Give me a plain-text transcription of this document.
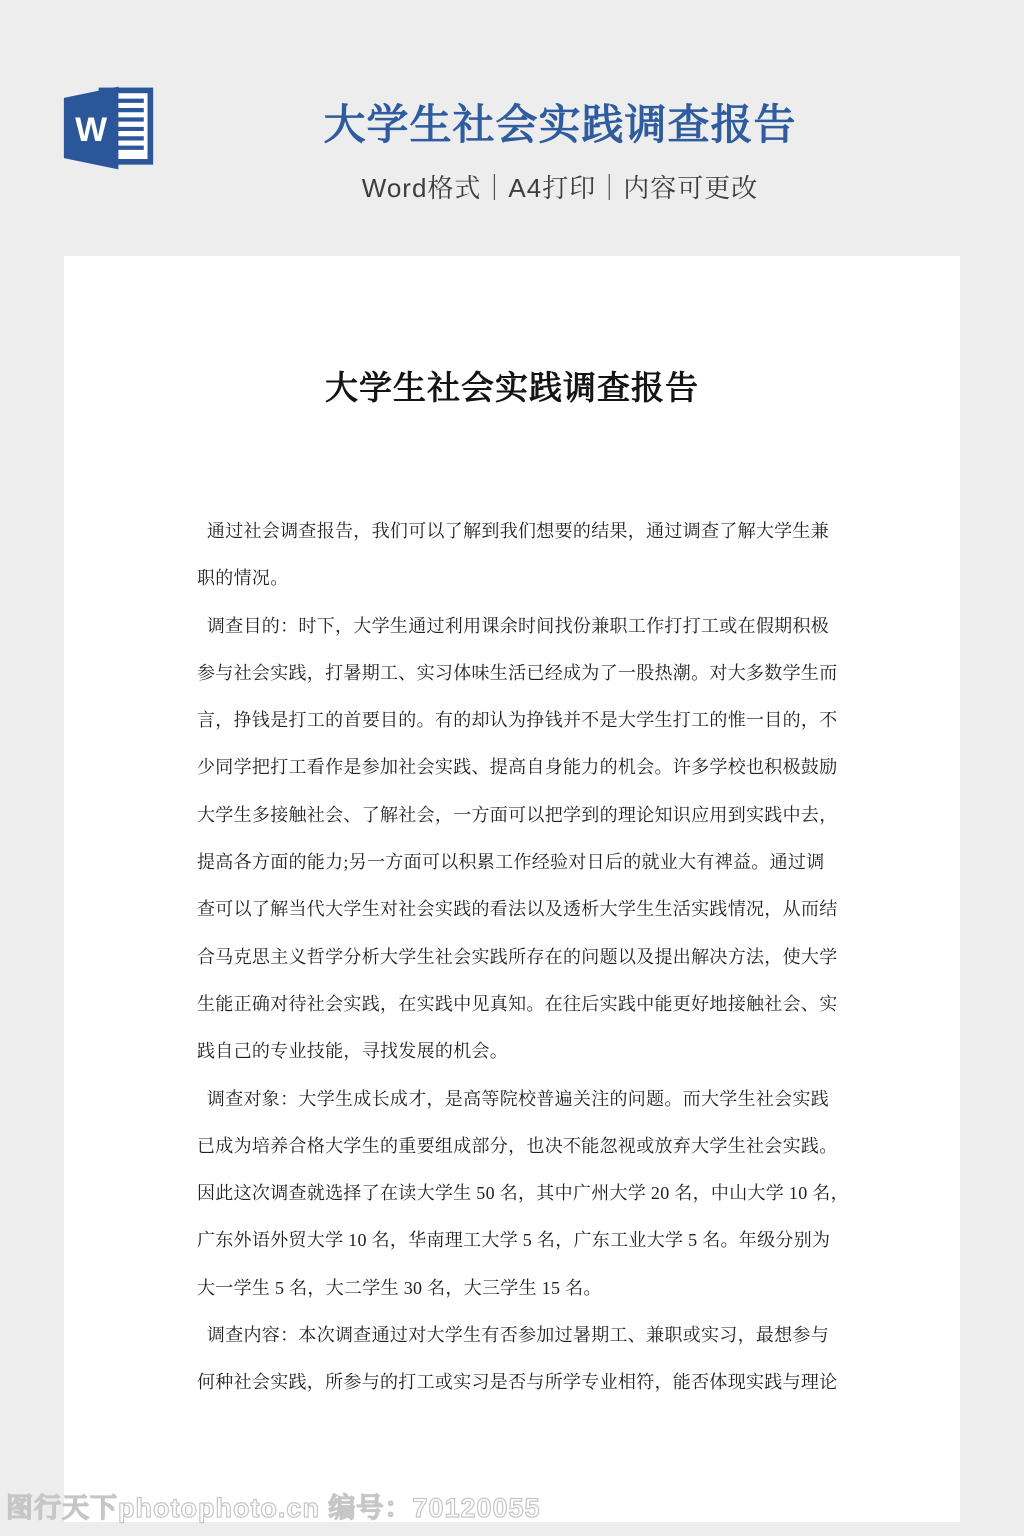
W	大学生社会实践调查报告
Word格式｜A4打印｜内容可更改
大学生社会实践调查报告
通过社会调查报告，我们可以了解到我们想要的结果，通过调查了解大学生兼
职的情况。
调查目的：时下，大学生通过利用课余时间找份兼职工作打打工或在假期积极
参与社会实践，打暑期工、实习体味生活已经成为了一股热潮。对大多数学生而
言，挣钱是打工的首要目的。有的却认为挣钱并不是大学生打工的惟一目的，不
少同学把打工看作是参加社会实践、提高自身能力的机会。许多学校也积极鼓励
大学生多接触社会、了解社会，一方面可以把学到的理论知识应用到实践中去，
提高各方面的能力;另一方面可以积累工作经验对日后的就业大有禆益。通过调
查可以了解当代大学生对社会实践的看法以及透析大学生生活实践情况，从而结
合马克思主义哲学分析大学生社会实践所存在的问题以及提出解决方法，使大学
生能正确对待社会实践，在实践中见真知。在往后实践中能更好地接触社会、实
践自己的专业技能，寻找发展的机会。
调查对象：大学生成长成才，是高等院校普遍关注的问题。而大学生社会实践
已成为培养合格大学生的重要组成部分，也决不能忽视或放弃大学生社会实践。
因此这次调查就选择了在读大学生 50 名，其中广州大学 20 名，中山大学 10 名，
广东外语外贸大学 10 名，华南理工大学 5 名，广东工业大学 5 名。年级分别为
大一学生 5 名，大二学生 30 名，大三学生 15 名。
调查内容：本次调查通过对大学生有否参加过暑期工、兼职或实习，最想参与
何种社会实践，所参与的打工或实习是否与所学专业相符，能否体现实践与理论
图行天下photophoto.cn 编号：70120055
